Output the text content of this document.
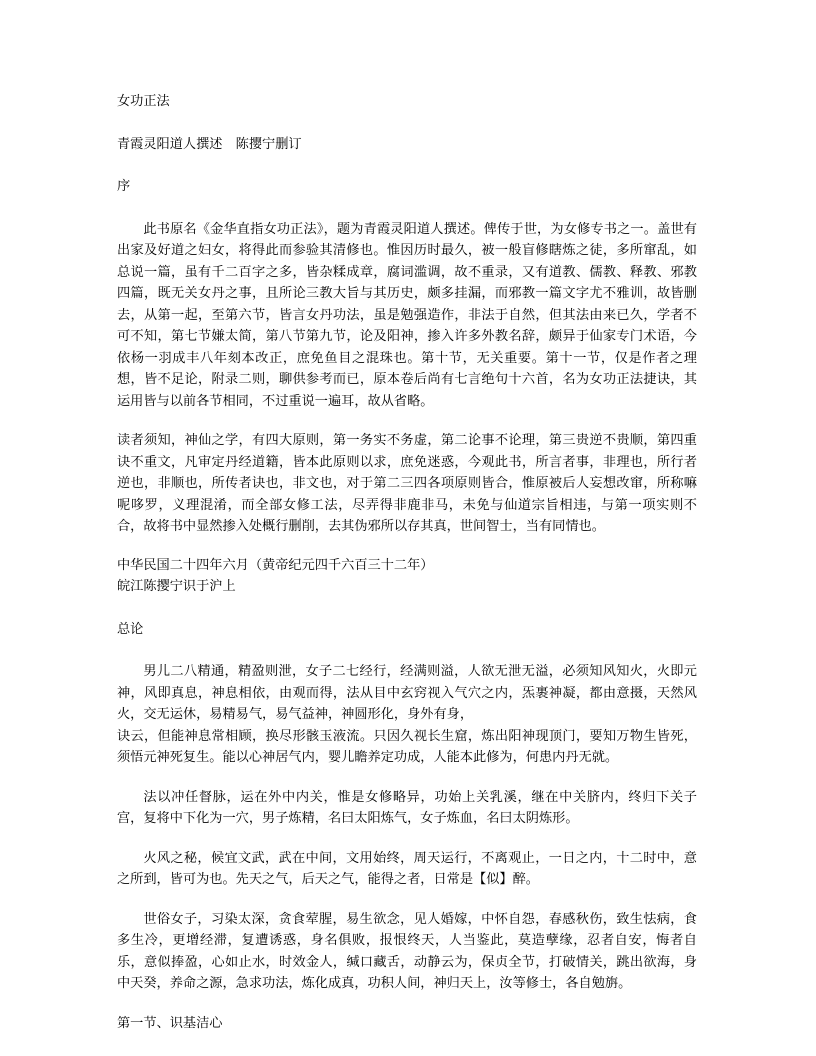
女功正法

青霞灵阳道人撰述　陈撄宁删订

序

此书原名《金华直指女功正法》，题为青霞灵阳道人撰述。俾传于世，为女修专书之一。盖世有出家及好道之妇女，将得此而参验其清修也。惟因历时最久，被一般盲修瞎炼之徒，多所窜乱，如总说一篇，虽有千二百字之多，皆杂糅成章，腐词滥调，故不重录，又有道教、儒教、释教、邪教四篇，既无关女丹之事，且所论三教大旨与其历史，颇多挂漏，而邪教一篇文字尤不雅训，故皆删去，从第一起，至第六节，皆言女丹功法，虽是勉强造作，非法于自然，但其法由来已久，学者不可不知，第七节嫌太简，第八节第九节，论及阳神，掺入许多外教名辞，颇异于仙家专门术语，今依杨一羽成丰八年刻本改正，庶免鱼目之混珠也。第十节，无关重要。第十一节，仅是作者之理想，皆不足论，附录二则，聊供参考而已，原本卷后尚有七言绝句十六首，名为女功正法捷诀，其运用皆与以前各节相同，不过重说一遍耳，故从省略。

读者须知，神仙之学，有四大原则，第一务实不务虚，第二论事不论理，第三贵逆不贵顺，第四重诀不重文，凡审定丹经道籍，皆本此原则以求，庶免迷惑，今观此书，所言者事，非理也，所行者逆也，非顺也，所传者诀也，非文也，对于第二三四各项原则皆合，惟原被后人妄想改窜，所称嘛呢哆罗，义理混淆，而全部女修工法，尽弄得非鹿非马，未免与仙道宗旨相违，与第一项实则不合，故将书中显然掺入处概行删削，去其伪邪所以存其真，世间智士，当有同情也。

中华民国二十四年六月（黄帝纪元四千六百三十二年）

皖江陈撄宁识于沪上

总论

男儿二八精通，精盈则泄，女子二七经行，经满则溢，人欲无泄无溢，必须知风知火，火即元神，风即真息，神息相依，由观而得，法从目中玄窍视入气穴之内，炁裹神凝，都由意摄，天然风火，交无运休，易精易气，易气益神，神圆形化，身外有身，

诀云，但能神息常相顾，换尽形骸玉液流。只因久视长生窟，炼出阳神现顶门，要知万物生皆死，须悟元神死复生。能以心神居气内，婴儿瞻养定功成，人能本此修为，何患内丹无就。

法以冲任督脉，运在外中内关，惟是女修略异，功始上关乳溪，继在中关脐内，终归下关子宫，复将中下化为一穴，男子炼精，名曰太阳炼气，女子炼血，名曰太阴炼形。

火风之秘，候宜文武，武在中间，文用始终，周天运行，不离观止，一日之内，十二时中，意之所到，皆可为也。先天之气，后天之气，能得之者，日常是【似】醉。

世俗女子，习染太深，贪食荤腥，易生欲念，见人婚嫁，中怀自怨，春感秋伤，致生怯病，食多生冷，更增经滞，复遭诱惑，身名俱败，报恨终天，人当鉴此，莫造孽缘，忍者自安，悔者自乐，意似捧盈，心如止水，时效金人，缄口藏舌，动静云为，保贞全节，打破情关，跳出欲海，身中天癸，养命之源，急求功法，炼化成真，功积人间，神归天上，汝等修士，各自勉旃。

第一节、识基洁心
